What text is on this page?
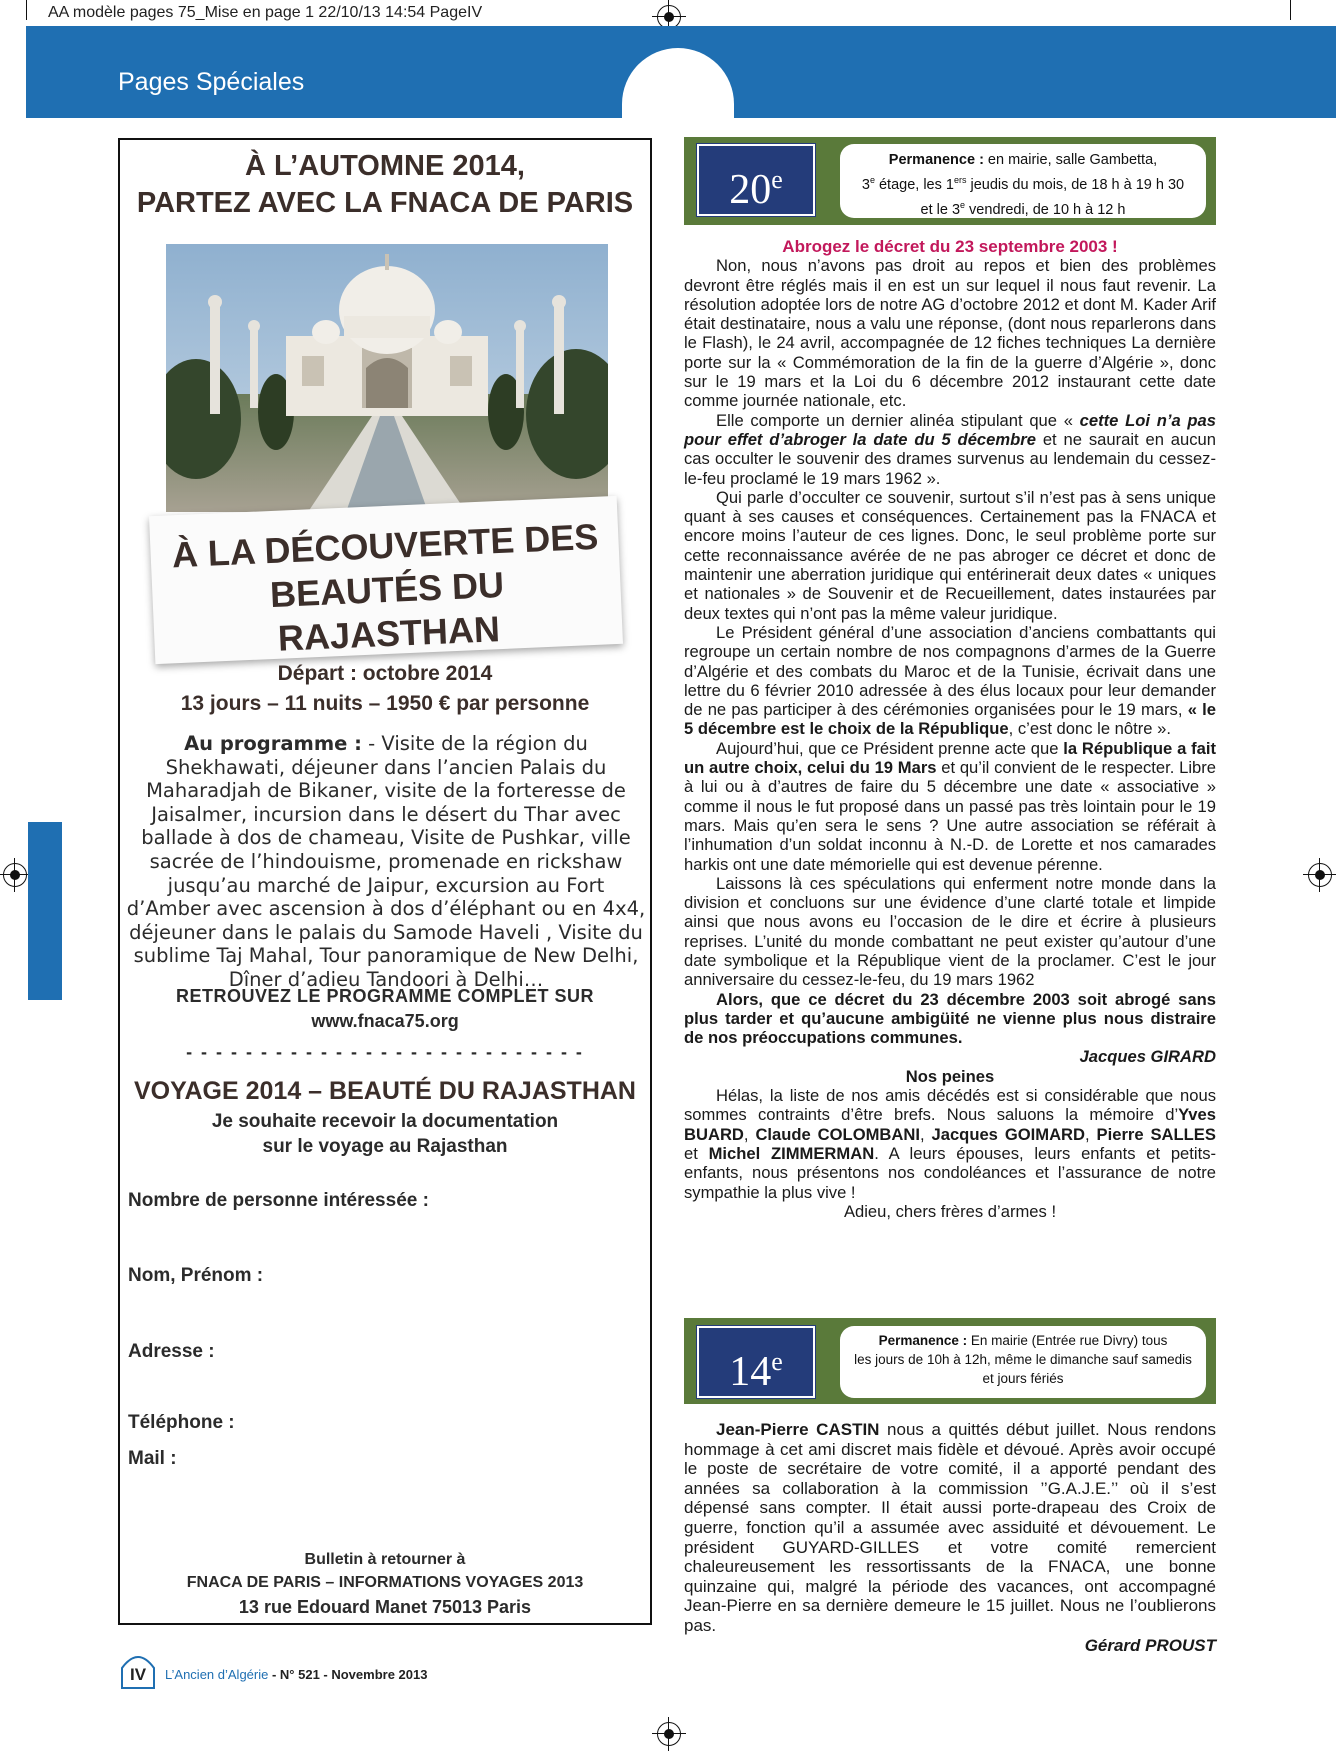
AA modèle pages 75_Mise en page 1 22/10/13 14:54 PageIV
Pages Spéciales
À L’AUTOMNE 2014,
PARTEZ AVEC LA FNACA DE PARIS
À LA DÉCOUVERTE DES
BEAUTÉS DU RAJASTHAN
Départ : octobre 2014
13 jours – 11 nuits – 1950 € par personne
Au programme : - Visite de la région du Shekhawati, déjeuner dans l’ancien Palais du Maharadjah de Bikaner, visite de la forteresse de Jaisalmer, incursion dans le désert du Thar avec ballade à dos de chameau, Visite de Pushkar, ville sacrée de l’hindouisme, promenade en rickshaw jusqu’au marché de Jaipur, excursion au Fort d’Amber avec ascension à dos d’éléphant ou en 4x4, déjeuner dans le palais du Samode Haveli , Visite du sublime Taj Mahal, Tour panoramique de New Delhi, Dîner d’adieu Tandoori à Delhi…
RETROUVEZ LE PROGRAMME COMPLET SUR
www.fnaca75.org
- - - - - - - - - - - - - - - - - - - - - - - - - - -
VOYAGE 2014 – BEAUTÉ DU RAJASTHAN
Je souhaite recevoir la documentation
sur le voyage au Rajasthan
Nombre de personne intéressée :
Nom, Prénom :
Adresse :
Téléphone :
Mail :
Bulletin à retourner à
FNACA DE PARIS – INFORMATIONS VOYAGES 2013
13 rue Edouard Manet 75013 Paris
20e
Permanence : en mairie, salle Gambetta,
3e étage, les 1ers jeudis du mois, de 18 h à 19 h 30
et le 3e vendredi, de 10 h à 12 h
Abrogez le décret du 23 septembre 2003 !

Non, nous n’avons pas droit au repos et bien des problèmes devront être réglés mais il en est un sur lequel il nous faut revenir. La résolution adoptée lors de notre AG d’octobre 2012 et dont M. Kader Arif était destinataire, nous a valu une réponse, (dont nous reparlerons dans le Flash), le 24 avril, accompagnée de 12 fiches techniques La dernière porte sur la « Commémoration de la fin de la guerre d’Algérie », donc sur le 19 mars et la Loi du 6 décembre 2012 instaurant cette date comme journée nationale, etc.

Elle comporte un dernier alinéa stipulant que « cette Loi n’a pas pour effet d’abroger la date du 5 décembre et ne saurait en aucun cas occulter le souvenir des drames survenus au lendemain du cessez-le-feu proclamé le 19 mars 1962 ».

Qui parle d’occulter ce souvenir, surtout s’il n’est pas à sens unique quant à ses causes et conséquences. Certainement pas la FNACA et encore moins l’auteur de ces lignes. Donc, le seul problème porte sur cette reconnaissance avérée de ne pas abroger ce décret et donc de maintenir une aberration juridique qui entérinerait deux dates « uniques et nationales » de Souvenir et de Recueillement, dates instaurées par deux textes qui n’ont pas la même valeur juridique.

Le Président général d’une association d’anciens combattants qui regroupe un certain nombre de nos compagnons d’armes de la Guerre d’Algérie et des combats du Maroc et de la Tunisie, écrivait dans une lettre du 6 février 2010 adressée à des élus locaux pour leur demander de ne pas participer à des cérémonies organisées pour le 19 mars, « le 5 décembre est le choix de la République, c’est donc le nôtre ».

Aujourd’hui, que ce Président prenne acte que la République a fait un autre choix, celui du 19 Mars et qu’il convient de le respecter. Libre à lui ou à d’autres de faire du 5 décembre une date « associative » comme il nous le fut proposé dans un passé pas très lointain pour le 19 mars. Mais qu’en sera le sens ? Une autre association se référait à l’inhumation d’un soldat inconnu à N.-D. de Lorette et nos camarades harkis ont une date mémorielle qui est devenue pérenne.

Laissons là ces spéculations qui enferment notre monde dans la division et concluons sur une évidence d’une clarté totale et limpide ainsi que nous avons eu l’occasion de le dire et écrire à plusieurs reprises. L’unité du monde combattant ne peut exister qu’autour d’une date symbolique et la République vient de la proclamer. C’est le jour anniversaire du cessez-le-feu, du 19 mars 1962

Alors, que ce décret du 23 décembre 2003 soit abrogé sans plus tarder et qu’aucune ambigüité ne vienne plus nous distraire de nos préoccupations communes.

Jacques GIRARD
Nos peines

Hélas, la liste de nos amis décédés est si considérable que nous sommes contraints d’être brefs. Nous saluons la mémoire d’Yves BUARD, Claude COLOMBANI, Jacques GOIMARD, Pierre SALLES et Michel ZIMMERMAN. A leurs épouses, leurs enfants et petits-enfants, nous présentons nos condoléances et l’assurance de notre sympathie la plus vive !

Adieu, chers frères d’armes !
14e
Permanence : En mairie (Entrée rue Divry) tous
les jours de 10h à 12h, même le dimanche sauf samedis
et jours fériés

Jean-Pierre CASTIN nous a quittés début juillet. Nous rendons hommage à cet ami discret mais fidèle et dévoué. Après avoir occupé le poste de secrétaire de votre comité, il a apporté pendant des années sa collaboration à la commission ’’G.A.J.E.’’ où il s’est dépensé sans compter. Il était aussi porte-drapeau des Croix de guerre, fonction qu’il a assumée avec assiduité et dévouement. Le président GUYARD-GILLES et votre comité remercient chaleureusement les ressortissants de la FNACA, une bonne quinzaine qui, malgré la période des vacances, ont accompagné Jean-Pierre en sa dernière demeure le 15 juillet. Nous ne l’oublierons pas.

Gérard PROUST
IV	L’Ancien d’Algérie - N° 521 - Novembre 2013
